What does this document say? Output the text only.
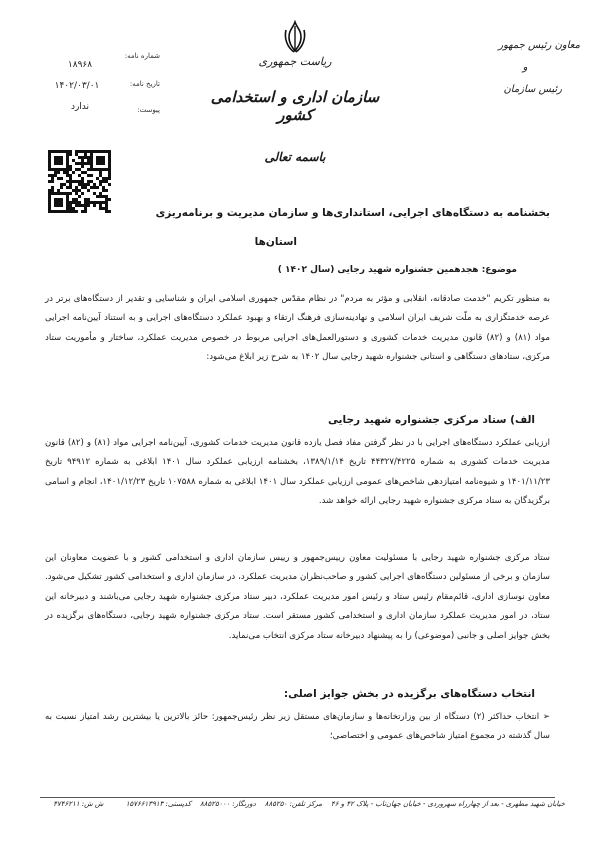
ریاست جمهوری
سازمان اداری و استخدامی کشور
معاون رئیس جمهور
و
رئیس سازمان
شماره نامه:
۱۸۹۶۸
تاریخ نامه:
۱۴۰۲/۰۳/۰۱
پیوست:
ندارد
باسمه تعالی
بخشنامه به دستگاه‌های اجرایی، استانداری‌ها و سازمان مدیریت و برنامه‌ریزی
استان‌ها
موضوع: هجدهمین جشنواره شهید رجایی (سال ۱۴۰۲ )
به منظور تکریم "خدمت صادقانه، انقلابی و مؤثر به مردم" در نظام مقدّس جمهوری اسلامی ایران و شناسایی و تقدیر از دستگاه‌های برتر در عرصه خدمتگزاری به ملّت شریف ایران اسلامی و نهادینه‌سازی فرهنگ ارتقاء و بهبود عملکرد دستگاه‌های اجرایی و به استناد آیین‌نامه اجرایی مواد (۸۱) و (۸۲) قانون مدیریت خدمات کشوری و دستورالعمل‌های اجرایی مربوط در خصوص مدیریت عملکرد، ساختار و مأموریت ستاد مرکزی، ستادهای دستگاهی و استانی جشنواره شهید رجایی سال ۱۴۰۲ به شرح زیر ابلاغ می‌شود:
الف) ستاد مرکزی جشنواره شهید رجایی
ارزیابی عملکرد دستگاه‌های اجرایی با در نظر گرفتن مفاد فصل یازده قانون مدیریت خدمات کشوری، آیین‌نامه اجرایی مواد (۸۱) و (۸۲) قانون مدیریت خدمات کشوری به شماره ۴۴۳۲۷/۴۲۲۵ تاریخ ۱۳۸۹/۱/۱۴، بخشنامه ارزیابی عملکرد سال ۱۴۰۱ ابلاغی به شماره ۹۴۹۱۲ تاریخ ۱۴۰۱/۱۱/۲۳ و شیوه‌نامه امتیازدهی شاخص‌های عمومی ارزیابی عملکرد سال ۱۴۰۱ ابلاغی به شماره ۱۰۷۵۸۸ تاریخ ۱۴۰۱/۱۲/۲۳، انجام و اسامی برگزیدگان به ستاد مرکزی جشنواره شهید رجایی ارائه خواهد شد.
ستاد مرکزی جشنواره شهید رجایی با مسئولیت معاون رییس‌جمهور و رییس سازمان اداری و استخدامی کشور و با عضویت معاونان این سازمان و برخی از مسئولین دستگاه‌های اجرایی کشور و صاحب‌نظران مدیریت عملکرد، در سازمان اداری و استخدامی کشور تشکیل می‌شود. معاون نوسازی اداری، قائم‌مقام رئیس ستاد و رئیس امور مدیریت عملکرد، دبیر ستاد مرکزی جشنواره شهید رجایی می‌باشند و دبیرخانه این ستاد، در امور مدیریت عملکرد سازمان اداری و استخدامی کشور مستقر است. ستاد مرکزی جشنواره شهید رجایی، دستگاه‌های برگزیده در بخش جوایز اصلی و جانبی (موضوعی) را به پیشنهاد دبیرخانه ستاد مرکزی انتخاب می‌نماید.
انتخاب دستگاه‌های برگزیده در بخش جوایز اصلی:
➢ انتخاب حداکثر (۲) دستگاه از بین وزارتخانه‌ها و سازمان‌های مستقل زیر نظر رئیس‌جمهور: حائز بالاترین یا بیشترین رشد امتیاز نسبت به سال گذشته در مجموع امتیاز شاخص‌های عمومی و اختصاصی؛
خیابان شهید مطهری - بعد از چهارراه سهروردی - خیابان جهان‌تاب - پلاک ۴۲ و ۴۶    مرکز تلفن: ۸۸۵۲۵۰    دورنگار: ۸۸۵۲۵۰۰۰    کدپستی: ۱۵۷۶۶۱۳۹۱۳          ش ش: ۴۷۴۶۲۱۱
